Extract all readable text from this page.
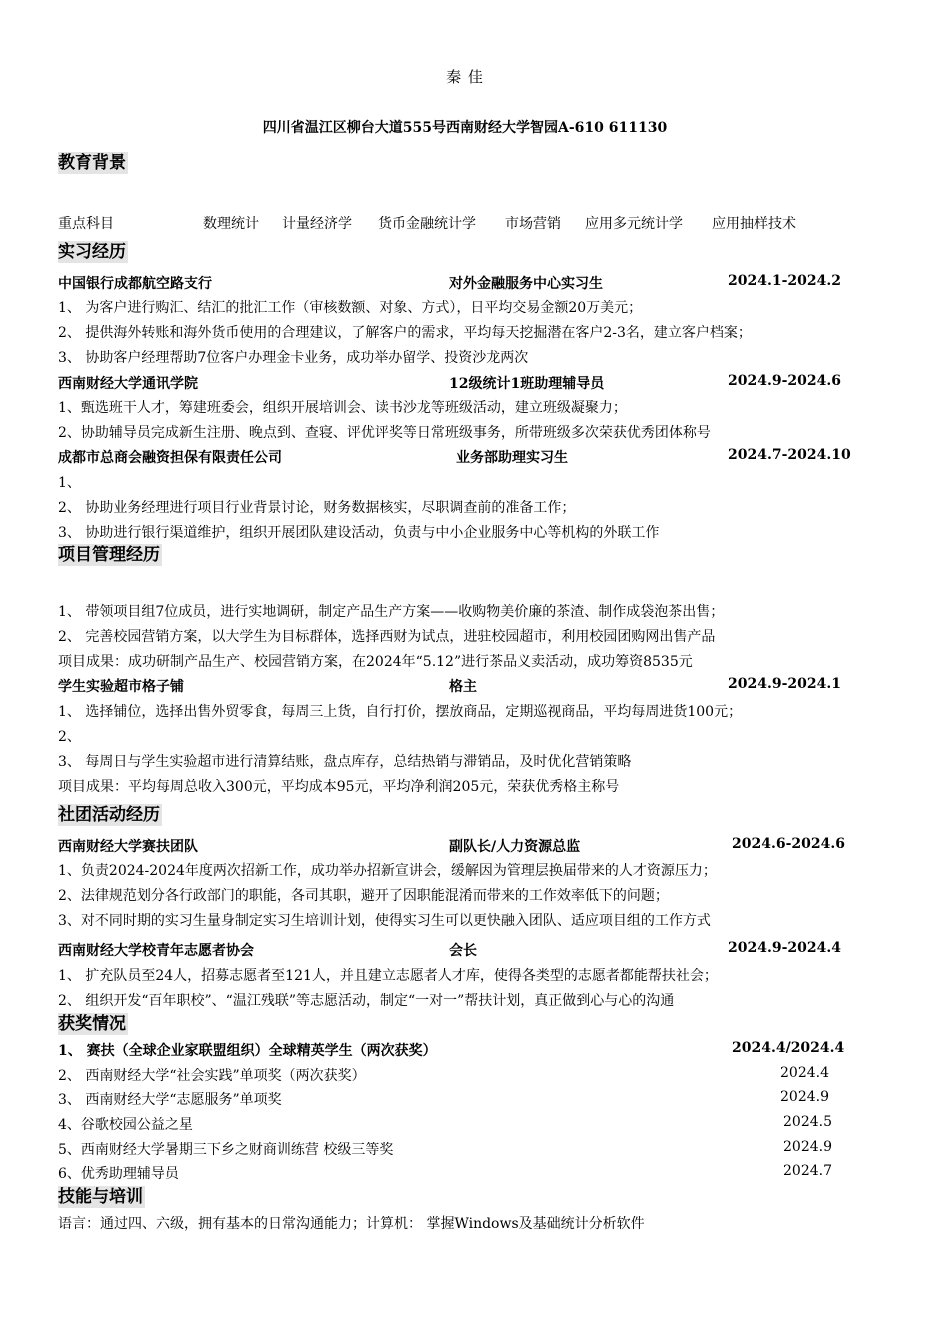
秦 佳
四川省温江区柳台大道555号西南财经大学智园A-610 611130
教育背景
重点科目	数理统计 计量经济学 货币金融统计学 市场营销 应用多元统计学 应用抽样技术
实习经历
中国银行成都航空路支行	对外金融服务中心实习生	2024.1-2024.2
1、 为客户进行购汇、结汇的批汇工作（审核数额、对象、方式），日平均交易金额20万美元；
2、 提供海外转账和海外货币使用的合理建议，了解客户的需求，平均每天挖掘潜在客户2-3名，建立客户档案；
3、 协助客户经理帮助7位客户办理金卡业务，成功举办留学、投资沙龙两次
西南财经大学通讯学院	12级统计1班助理辅导员	2024.9-2024.6
1、甄选班干人才，筹建班委会，组织开展培训会、读书沙龙等班级活动，建立班级凝聚力；
2、协助辅导员完成新生注册、晚点到、查寝、评优评奖等日常班级事务，所带班级多次荣获优秀团体称号
成都市总商会融资担保有限责任公司	业务部助理实习生	2024.7-2024.10
1、
2、 协助业务经理进行项目行业背景讨论，财务数据核实，尽职调查前的准备工作；
3、 协助进行银行渠道维护，组织开展团队建设活动，负责与中小企业服务中心等机构的外联工作
项目管理经历
1、 带领项目组7位成员，进行实地调研，制定产品生产方案——收购物美价廉的茶渣、制作成袋泡茶出售；
2、 完善校园营销方案，以大学生为目标群体，选择西财为试点，进驻校园超市，利用校园团购网出售产品
项目成果：成功研制产品生产、校园营销方案，在2024年“5.12”进行茶品义卖活动，成功筹资8535元
学生实验超市格子铺	格主	2024.9-2024.1
1、 选择铺位，选择出售外贸零食，每周三上货，自行打价，摆放商品，定期巡视商品，平均每周进货100元；
2、
3、 每周日与学生实验超市进行清算结账，盘点库存，总结热销与滞销品，及时优化营销策略
项目成果：平均每周总收入300元，平均成本95元，平均净利润205元，荣获优秀格主称号
社团活动经历
西南财经大学赛扶团队	副队长/人力资源总监	2024.6-2024.6
1、负责2024-2024年度两次招新工作，成功举办招新宣讲会，缓解因为管理层换届带来的人才资源压力；
2、法律规范划分各行政部门的职能，各司其职，避开了因职能混淆而带来的工作效率低下的问题；
3、对不同时期的实习生量身制定实习生培训计划，使得实习生可以更快融入团队、适应项目组的工作方式
西南财经大学校青年志愿者协会	会长	2024.9-2024.4
1、 扩充队员至24人，招募志愿者至121人，并且建立志愿者人才库，使得各类型的志愿者都能帮扶社会；
2、 组织开发“百年职校”、“温江残联”等志愿活动，制定“一对一”帮扶计划，真正做到心与心的沟通
获奖情况
1、 赛扶（全球企业家联盟组织）全球精英学生（两次获奖）	2024.4/2024.4
2、 西南财经大学“社会实践”单项奖（两次获奖）	2024.4
3、 西南财经大学“志愿服务”单项奖	2024.9
4、谷歌校园公益之星	2024.5
5、西南财经大学暑期三下乡之财商训练营 校级三等奖	2024.9
6、优秀助理辅导员	2024.7
技能与培训
语言：通过四、六级，拥有基本的日常沟通能力；计算机： 掌握Windows及基础统计分析软件
